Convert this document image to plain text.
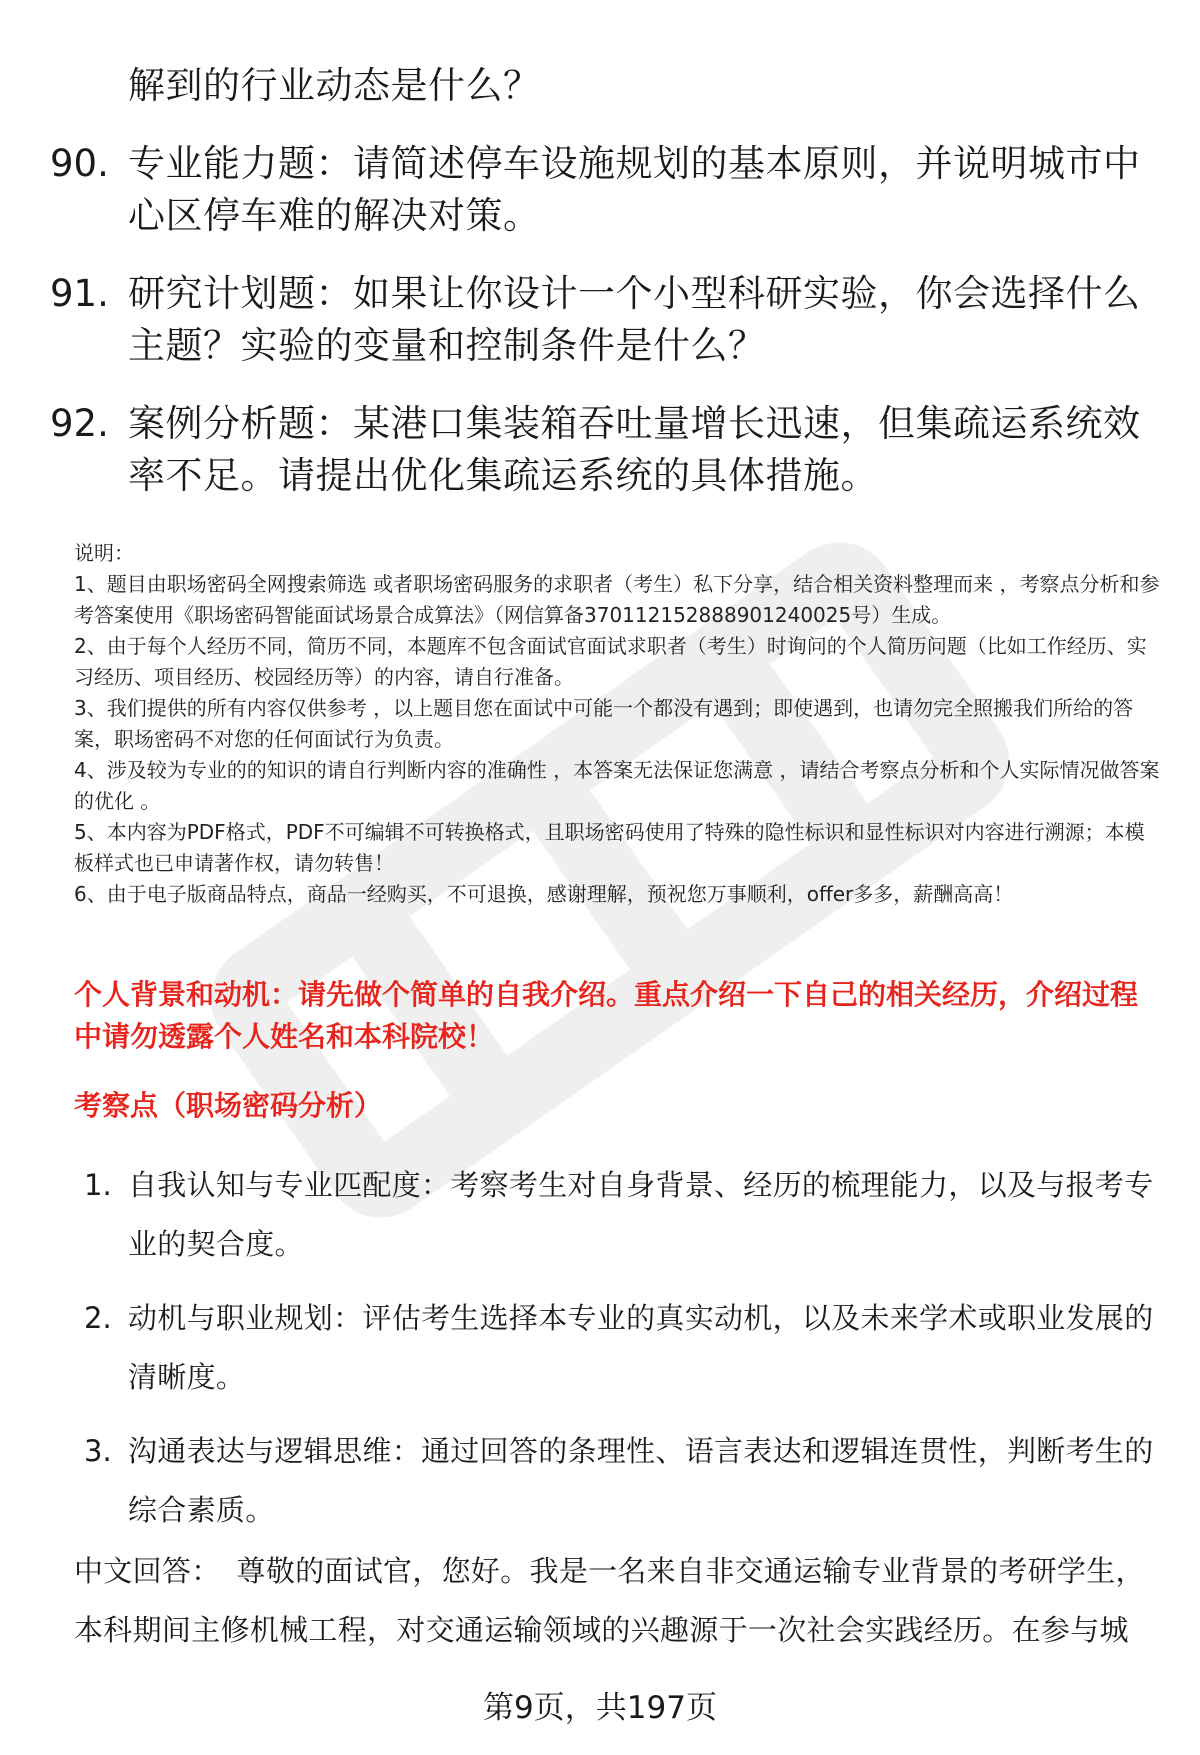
解到的行业动态是什么？
90. 专业能力题：请简述停车设施规划的基本原则，并说明城市中心区停车难的解决对策。
91. 研究计划题：如果让你设计一个小型科研实验，你会选择什么主题？实验的变量和控制条件是什么？
92. 案例分析题：某港口集装箱吞吐量增长迅速，但集疏运系统效率不足。请提出优化集疏运系统的具体措施。

说明：

1、题目由职场密码全网搜索筛选 或者职场密码服务的求职者（考生）私下分享，结合相关资料整理而来 ，考察点分析和参考答案使用《职场密码智能面试场景合成算法》（网信算备370112152888901240025号）生成。

2、由于每个人经历不同，简历不同，本题库不包含面试官面试求职者（考生）时询问的个人简历问题（比如工作经历、实习经历、项目经历、校园经历等）的内容，请自行准备。

3、我们提供的所有内容仅供参考 ，以上题目您在面试中可能一个都没有遇到；即使遇到，也请勿完全照搬我们所给的答案，职场密码不对您的任何面试行为负责。

4、涉及较为专业的的知识的请自行判断内容的准确性 ，本答案无法保证您满意 ，请结合考察点分析和个人实际情况做答案的优化 。

5、本内容为PDF格式，PDF不可编辑不可转换格式，且职场密码使用了特殊的隐性标识和显性标识对内容进行溯源；本模板样式也已申请著作权，请勿转售！

6、由于电子版商品特点，商品一经购买，不可退换，感谢理解，预祝您万事顺利，offer多多，薪酬高高！

个人背景和动机：请先做个简单的自我介绍。重点介绍一下自己的相关经历，介绍过程中请勿透露个人姓名和本科院校！
考察点（职场密码分析）
1. 自我认知与专业匹配度：考察考生对自身背景、经历的梳理能力，以及与报考专业的契合度。
2. 动机与职业规划：评估考生选择本专业的真实动机，以及未来学术或职业发展的清晰度。
3. 沟通表达与逻辑思维：通过回答的条理性、语言表达和逻辑连贯性，判断考生的综合素质。
中文回答： 尊敬的面试官，您好。我是一名来自非交通运输专业背景的考研学生，本科期间主修机械工程，对交通运输领域的兴趣源于一次社会实践经历。在参与城
第9页，共197页
